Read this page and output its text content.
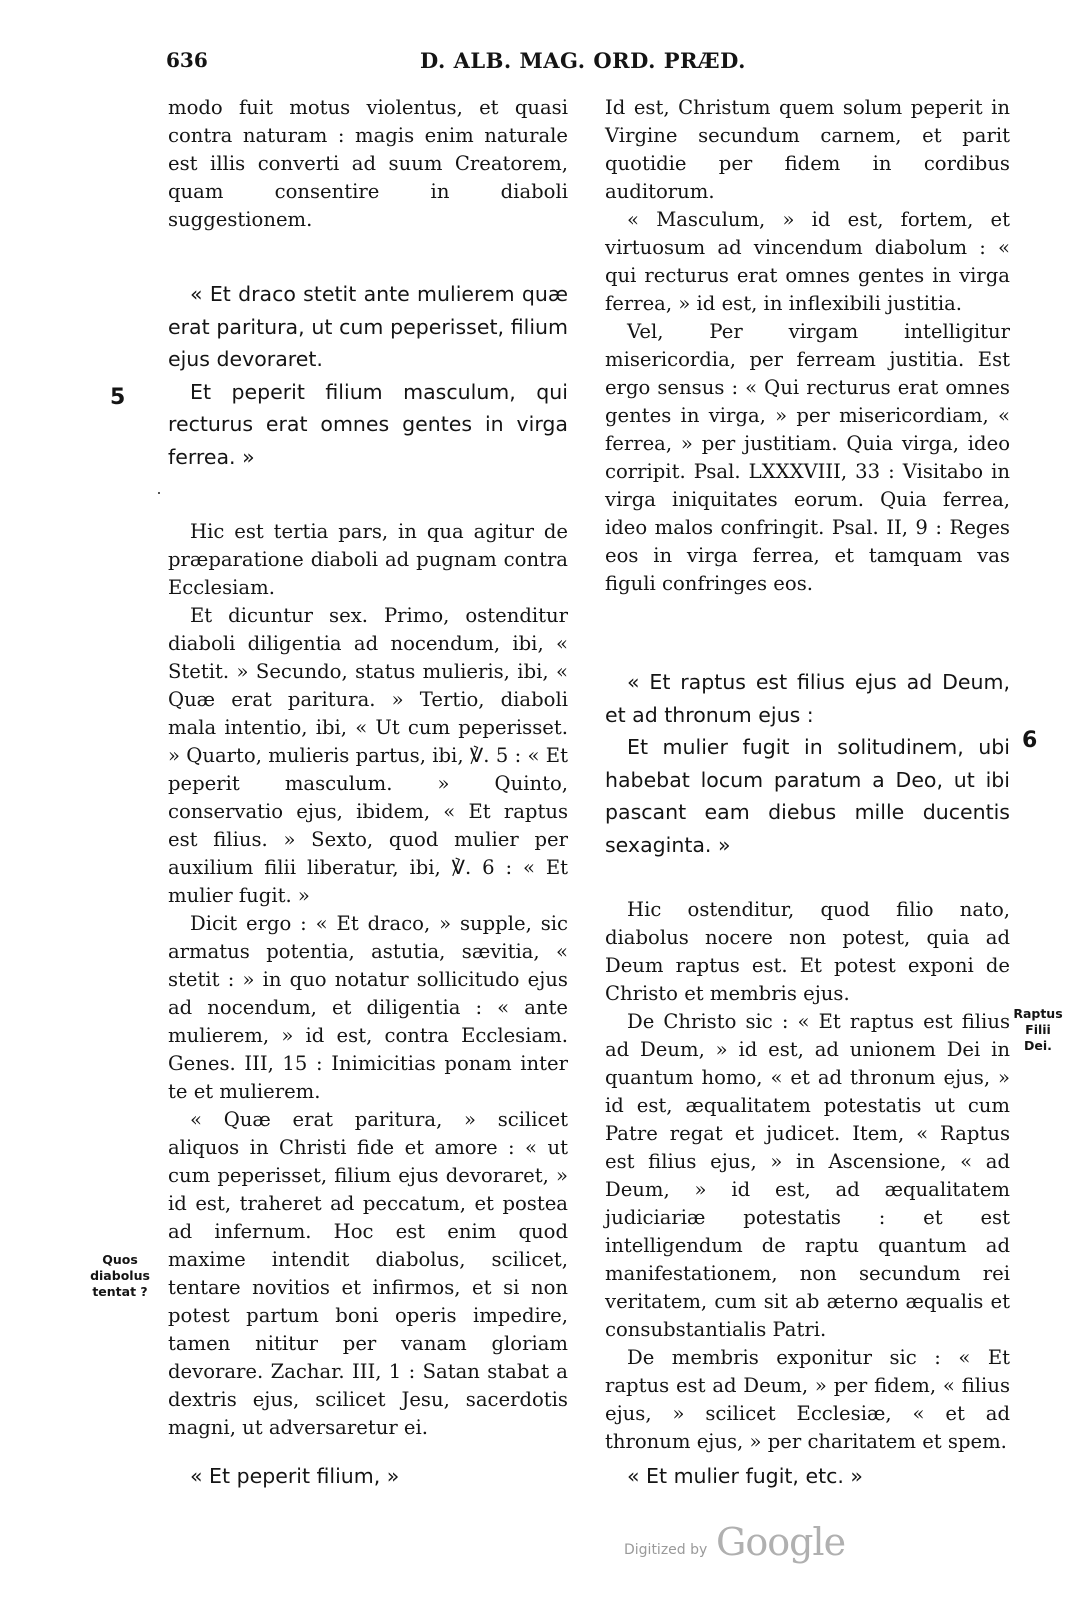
636	D. ALB. MAG. ORD. PRÆD.
5
6
Quos diabolus tentat ?
Raptus Filii Dei.

modo fuit motus violentus, et quasi contra naturam : magis enim naturale est illis converti ad suum Creatorem, quam consentire in diaboli suggestionem.

« Et draco stetit ante mulierem quæ erat paritura, ut cum peperisset, filium ejus devoraret.

Et peperit filium masculum, qui recturus erat omnes gentes in virga ferrea. »

Hic est tertia pars, in qua agitur de præparatione diaboli ad pugnam contra Ecclesiam.

Et dicuntur sex. Primo, ostenditur diaboli diligentia ad nocendum, ibi, « Stetit. » Secundo, status mulieris, ibi, « Quæ erat paritura. » Tertio, diaboli mala intentio, ibi, « Ut cum peperisset. » Quarto, mulieris partus, ibi, ℣. 5 : « Et peperit masculum. » Quinto, conservatio ejus, ibidem, « Et raptus est filius. » Sexto, quod mulier per auxilium filii liberatur, ibi, ℣. 6 : « Et mulier fugit. »

Dicit ergo : « Et draco, » supple, sic armatus potentia, astutia, sævitia, « stetit : » in quo notatur sollicitudo ejus ad nocendum, et diligentia : « ante mulierem, » id est, contra Ecclesiam. Genes. III, 15 : Inimicitias ponam inter te et mulierem.

« Quæ erat paritura, » scilicet aliquos in Christi fide et amore : « ut cum peperisset, filium ejus devoraret, » id est, traheret ad peccatum, et postea ad infernum. Hoc est enim quod maxime intendit diabolus, scilicet, tentare novitios et infirmos, et si non potest partum boni operis impedire, tamen nititur per vanam gloriam devorare. Zachar. III, 1 : Satan stabat a dextris ejus, scilicet Jesu, sacerdotis magni, ut adversaretur ei.

« Et peperit filium, »

Id est, Christum quem solum peperit in Virgine secundum carnem, et parit quotidie per fidem in cordibus auditorum.

« Masculum, » id est, fortem, et virtuosum ad vincendum diabolum : « qui recturus erat omnes gentes in virga ferrea, » id est, in inflexibili justitia.

Vel, Per virgam intelligitur misericordia, per ferream justitia. Est ergo sensus : « Qui recturus erat omnes gentes in virga, » per misericordiam, « ferrea, » per justitiam. Quia virga, ideo corripit. Psal. LXXXVIII, 33 : Visitabo in virga iniquitates eorum. Quia ferrea, ideo malos confringit. Psal. II, 9 : Reges eos in virga ferrea, et tamquam vas figuli confringes eos.

« Et raptus est filius ejus ad Deum, et ad thronum ejus :

Et mulier fugit in solitudinem, ubi habebat locum paratum a Deo, ut ibi pascant eam diebus mille ducentis sexaginta. »

Hic ostenditur, quod filio nato, diabolus nocere non potest, quia ad Deum raptus est. Et potest exponi de Christo et membris ejus.

De Christo sic : « Et raptus est filius ad Deum, » id est, ad unionem Dei in quantum homo, « et ad thronum ejus, » id est, æqualitatem potestatis ut cum Patre regat et judicet. Item, « Raptus est filius ejus, » in Ascensione, « ad Deum, » id est, ad æqualitatem judiciariæ potestatis : et est intelligendum de raptu quantum ad manifestationem, non secundum rei veritatem, cum sit ab æterno æqualis et consubstantialis Patri.

De membris exponitur sic : « Et raptus est ad Deum, » per fidem, « filius ejus, » scilicet Ecclesiæ, « et ad thronum ejus, » per charitatem et spem.

« Et mulier fugit, etc. »

Digitized by Google
